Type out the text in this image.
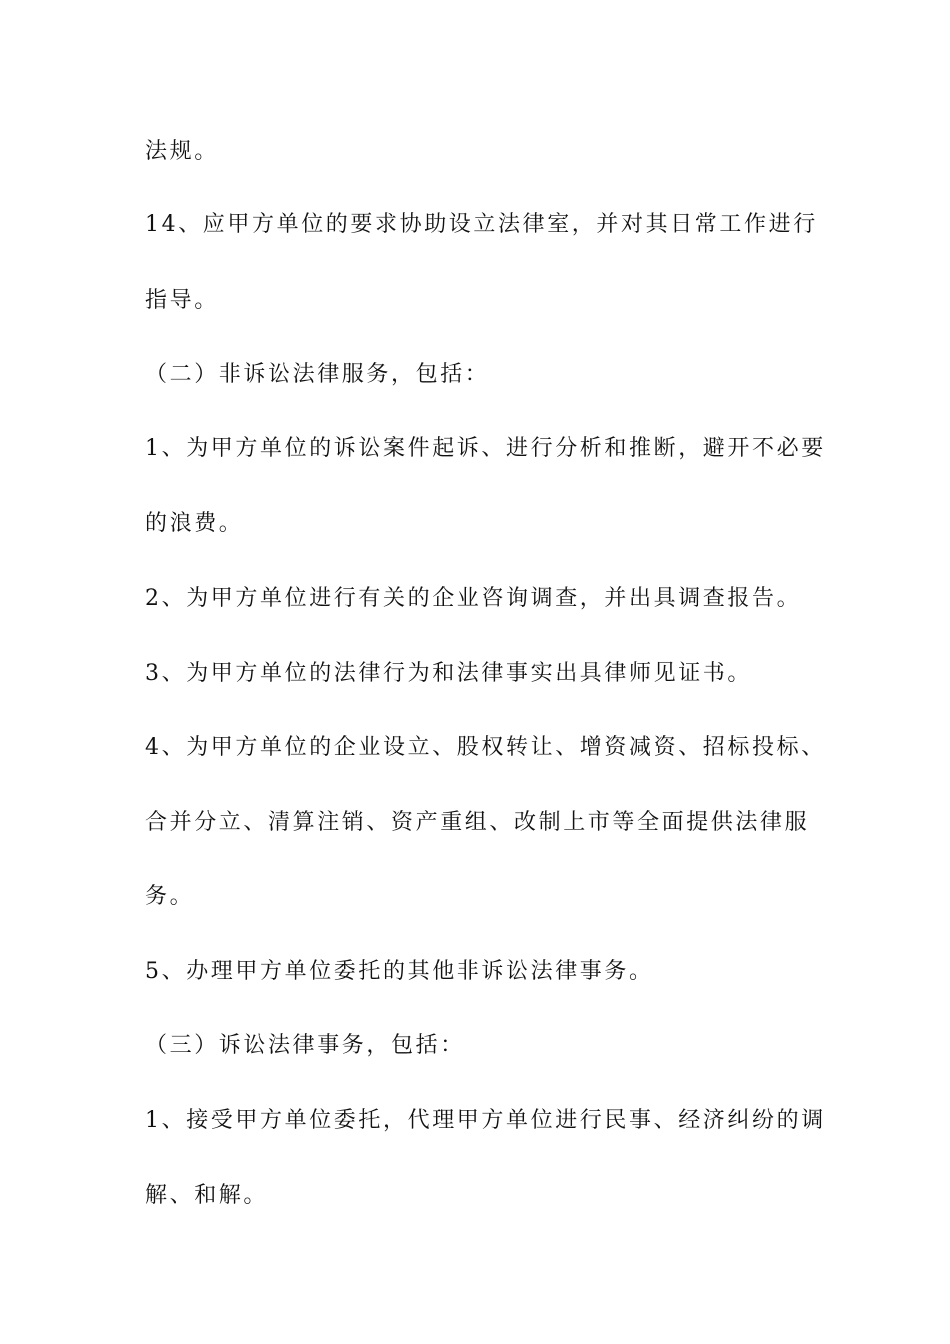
法规。
14、应甲方单位的要求协助设立法律室，并对其日常工作进行
指导。
（二）非诉讼法律服务，包括：
1、为甲方单位的诉讼案件起诉、进行分析和推断，避开不必要
的浪费。
2、为甲方单位进行有关的企业咨询调查，并出具调查报告。
3、为甲方单位的法律行为和法律事实出具律师见证书。
4、为甲方单位的企业设立、股权转让、增资减资、招标投标、
合并分立、清算注销、资产重组、改制上市等全面提供法律服
务。
5、办理甲方单位委托的其他非诉讼法律事务。
（三）诉讼法律事务，包括：
1、接受甲方单位委托，代理甲方单位进行民事、经济纠纷的调
解、和解。
